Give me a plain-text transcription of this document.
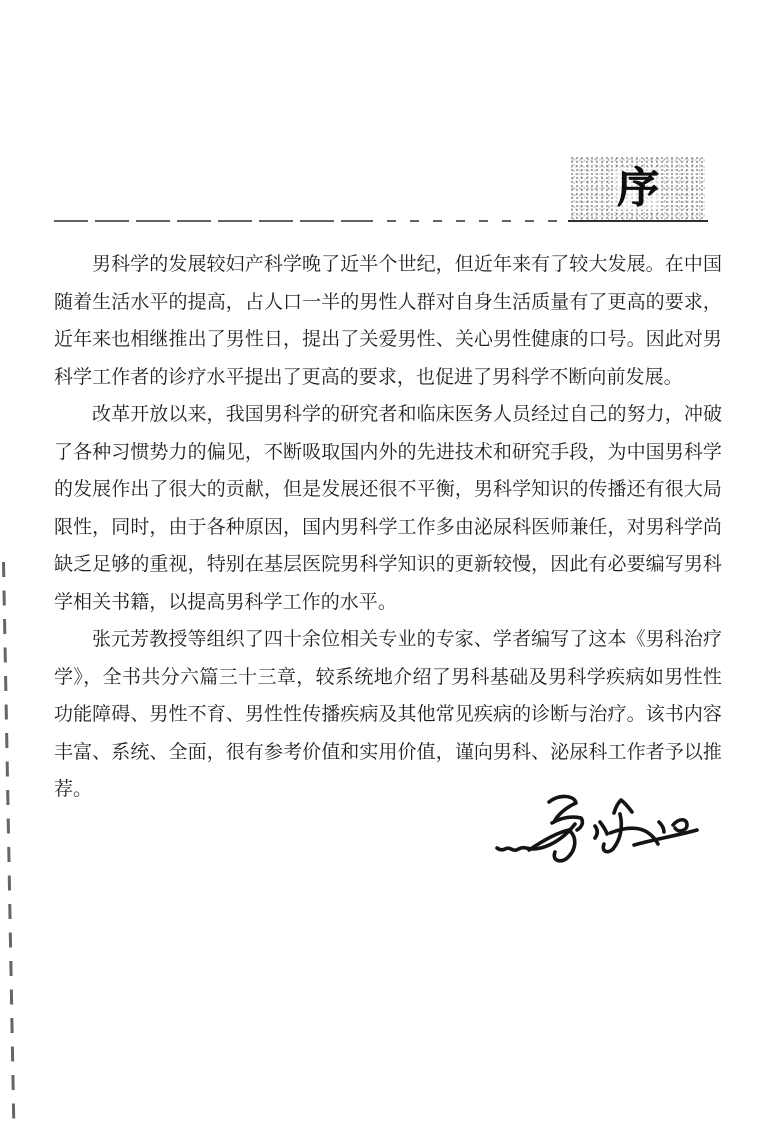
序

男科学的发展较妇产科学晚了近半个世纪，但近年来有了较大发展。在中国随着生活水平的提高，占人口一半的男性人群对自身生活质量有了更高的要求，近年来也相继推出了男性日，提出了关爱男性、关心男性健康的口号。因此对男科学工作者的诊疗水平提出了更高的要求，也促进了男科学不断向前发展。

改革开放以来，我国男科学的研究者和临床医务人员经过自己的努力，冲破了各种习惯势力的偏见，不断吸取国内外的先进技术和研究手段，为中国男科学的发展作出了很大的贡献，但是发展还很不平衡，男科学知识的传播还有很大局限性，同时，由于各种原因，国内男科学工作多由泌尿科医师兼任，对男科学尚缺乏足够的重视，特别在基层医院男科学知识的更新较慢，因此有必要编写男科学相关书籍，以提高男科学工作的水平。

张元芳教授等组织了四十余位相关专业的专家、学者编写了这本《男科治疗学》，全书共分六篇三十三章，较系统地介绍了男科基础及男科学疾病如男性性功能障碍、男性不育、男性性传播疾病及其他常见疾病的诊断与治疗。该书内容丰富、系统、全面，很有参考价值和实用价值，谨向男科、泌尿科工作者予以推荐。
